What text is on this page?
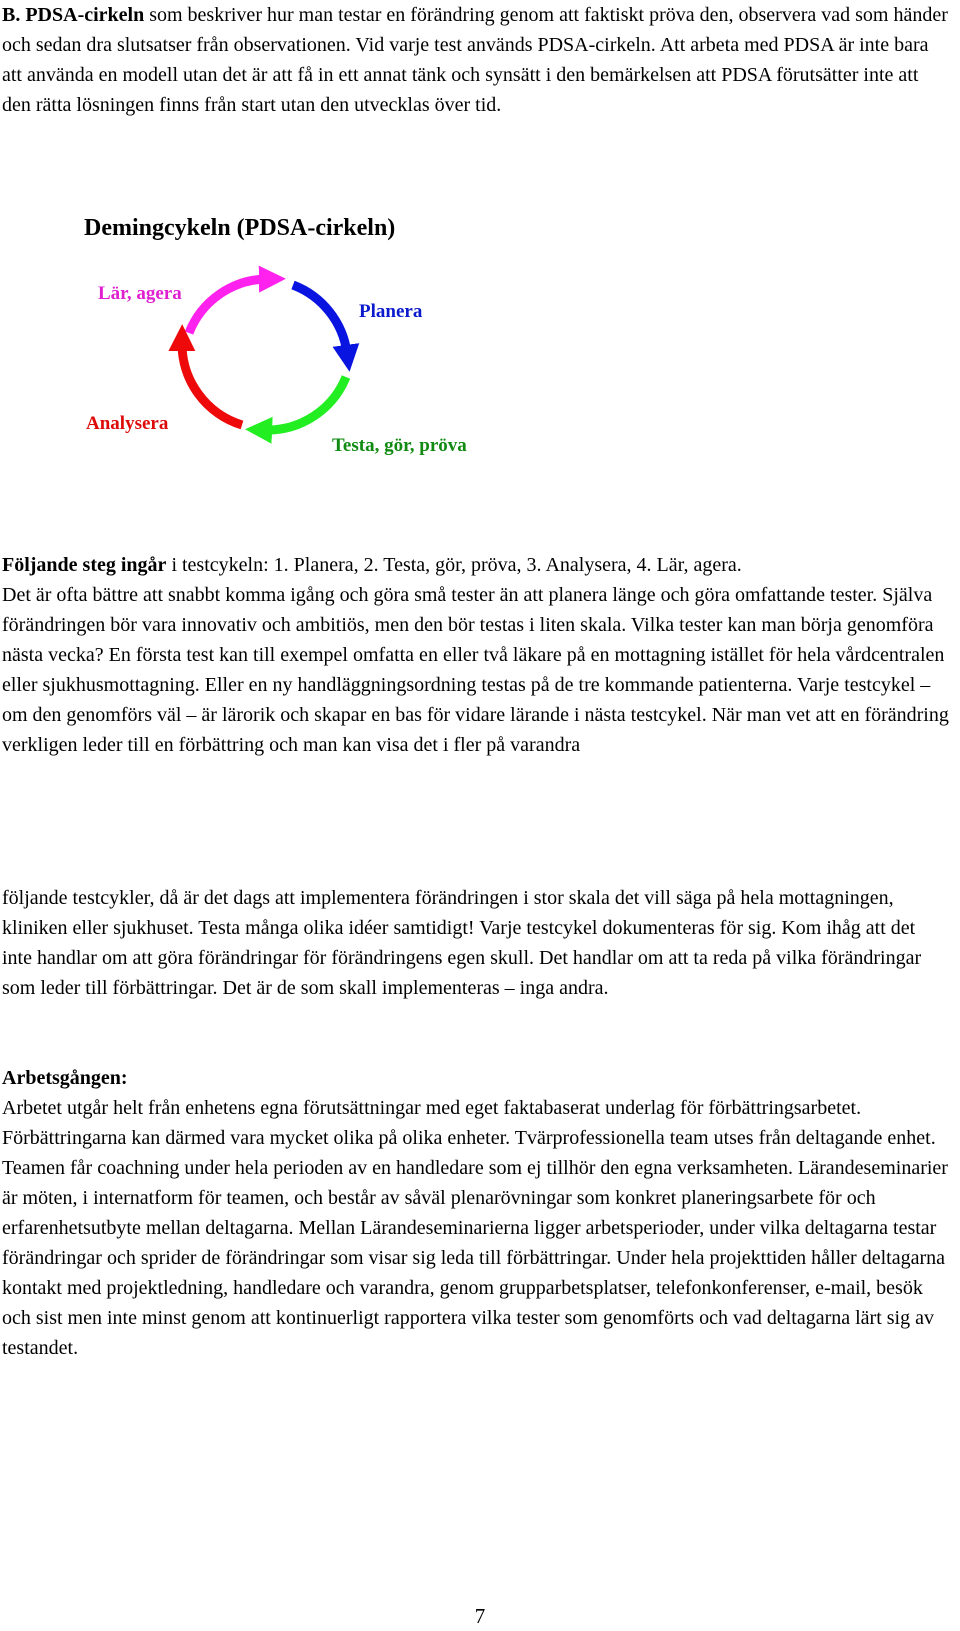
B. PDSA-cirkeln som beskriver hur man testar en förändring genom att faktiskt pröva den, observera vad som händer och sedan dra slutsatser från observationen. Vid varje test används PDSA-cirkeln. Att arbeta med PDSA är inte bara att använda en modell utan det är att få in ett annat tänk och synsätt i den bemärkelsen att PDSA förutsätter inte att den rätta lösningen finns från start utan den utvecklas över tid.

Demingcykeln (PDSA-cirkeln)
Lär, agera
Planera
Analysera
Testa, gör, pröva

Följande steg ingår i testcykeln: 1. Planera, 2. Testa, gör, pröva, 3. Analysera, 4. Lär, agera.

Det är ofta bättre att snabbt komma igång och göra små tester än att planera länge och göra omfattande tester. Själva förändringen bör vara innovativ och ambitiös, men den bör testas i liten skala. Vilka tester kan man börja genomföra nästa vecka? En första test kan till exempel omfatta en eller två läkare på en mottagning istället för hela vårdcentralen eller sjukhusmottagning. Eller en ny handläggningsordning testas på de tre kommande patienterna. Varje testcykel – om den genomförs väl – är lärorik och skapar en bas för vidare lärande i nästa testcykel. När man vet att en förändring verkligen leder till en förbättring och man kan visa det i fler på varandra

följande testcykler, då är det dags att implementera förändringen i stor skala det vill säga på hela mottagningen, kliniken eller sjukhuset. Testa många olika idéer samtidigt! Varje testcykel dokumenteras för sig. Kom ihåg att det inte handlar om att göra förändringar för förändringens egen skull. Det handlar om att ta reda på vilka förändringar som leder till förbättringar. Det är de som skall implementeras – inga andra.

Arbetsgången:

Arbetet utgår helt från enhetens egna förutsättningar med eget faktabaserat underlag för förbättringsarbetet.

Förbättringarna kan därmed vara mycket olika på olika enheter. Tvärprofessionella team utses från deltagande enhet. Teamen får coachning under hela perioden av en handledare som ej tillhör den egna verksamheten. Lärandeseminarier är möten, i internatform för teamen, och består av såväl plenarövningar som konkret planeringsarbete för och erfarenhetsutbyte mellan deltagarna. Mellan Lärandeseminarierna ligger arbetsperioder, under vilka deltagarna testar förändringar och sprider de förändringar som visar sig leda till förbättringar. Under hela projekttiden håller deltagarna kontakt med projektledning, handledare och varandra, genom grupparbetsplatser, telefonkonferenser, e-mail, besök och sist men inte minst genom att kontinuerligt rapportera vilka tester som genomförts och vad deltagarna lärt sig av testandet.

7
